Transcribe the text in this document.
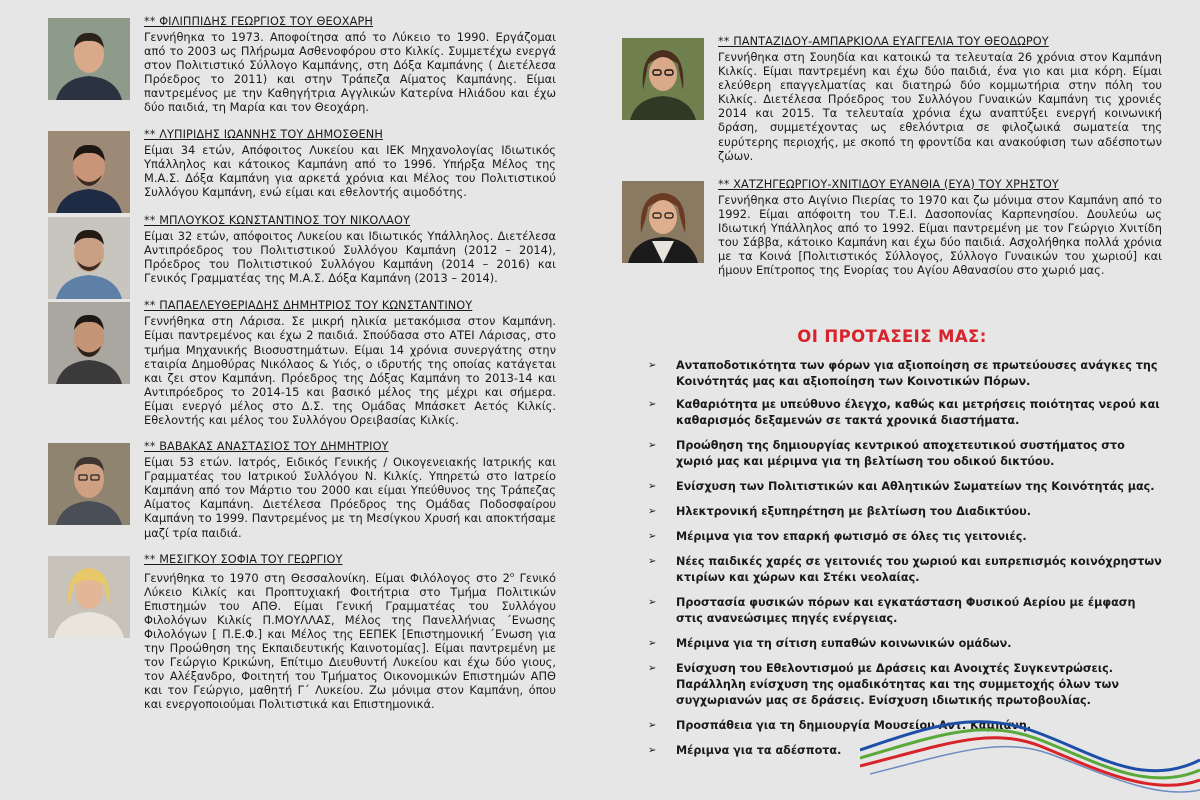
** ΦΙΛΙΠΠΙΔΗΣ ΓΕΩΡΓΙΟΣ ΤΟΥ ΘΕΟΧΑΡΗ

Γεννήθηκα το 1973. Αποφοίτησα από το Λύκειο το 1990. Εργάζομαι από το 2003 ως Πλήρωμα Ασθενοφόρου στο Κιλκίς. Συμμετέχω ενεργά στον Πολιτιστικό Σύλλογο Καμπάνης, στη Δόξα Καμπάνης ( Διετέλεσα Πρόεδρος το 2011) και στην Τράπεζα Αίματος Καμπάνης. Είμαι παντρεμένος με την Καθηγήτρια Αγγλικών Κατερίνα Ηλιάδου και έχω δύο παιδιά, τη Μαρία και τον Θεοχάρη.

** ΛΥΠΙΡΙΔΗΣ ΙΩΑΝΝΗΣ ΤΟΥ ΔΗΜΟΣΘΕΝΗ

Είμαι 34 ετών, Απόφοιτος Λυκείου και ΙΕΚ Μηχανολογίας Ιδιωτικός Υπάλληλος και κάτοικος Καμπάνη από το 1996. Υπήρξα Μέλος της Μ.Α.Σ. Δόξα Καμπάνη για αρκετά χρόνια και Μέλος του Πολιτιστικού Συλλόγου Καμπάνη, ενώ είμαι και εθελοντής αιμοδότης.

** ΜΠΛΟΥΚΟΣ ΚΩΝΣΤΑΝΤΙΝΟΣ ΤΟΥ ΝΙΚΟΛΑΟΥ

Είμαι 32 ετών, απόφοιτος Λυκείου και Ιδιωτικός Υπάλληλος. Διετέλεσα Αντιπρόεδρος του Πολιτιστικού Συλλόγου Καμπάνη (2012 – 2014), Πρόεδρος του Πολιτιστικού Συλλόγου Καμπάνη (2014 – 2016) και Γενικός Γραμματέας της Μ.Α.Σ. Δόξα Καμπάνη (2013 – 2014).

** ΠΑΠΑΕΛΕΥΘΕΡΙΑΔΗΣ ΔΗΜΗΤΡΙΟΣ ΤΟΥ ΚΩΝΣΤΑΝΤΙΝΟΥ

Γεννήθηκα στη Λάρισα. Σε μικρή ηλικία μετακόμισα στον Καμπάνη. Είμαι παντρεμένος και έχω 2 παιδιά. Σπούδασα στο ΑΤΕΙ Λάρισας, στο τμήμα Μηχανικής Βιοσυστημάτων. Είμαι 14 χρόνια συνεργάτης στην εταιρία Δημοθύρας Νικόλαος & Υιός, ο ιδρυτής της οποίας κατάγεται και ζει στον Καμπάνη. Πρόεδρος της Δόξας Καμπάνη το 2013-14 και Αντιπρόεδρος το 2014-15 και βασικό μέλος της μέχρι και σήμερα. Είμαι ενεργό μέλος στο Δ.Σ. της Ομάδας Μπάσκετ Αετός Κιλκίς. Εθελοντής και μέλος του Συλλόγου Ορειβασίας Κιλκίς.

** ΒΑΒΑΚΑΣ ΑΝΑΣΤΑΣΙΟΣ ΤΟΥ ΔΗΜΗΤΡΙΟΥ

Είμαι 53 ετών. Ιατρός, Ειδικός Γενικής / Οικογενειακής Ιατρικής και Γραμματέας του Ιατρικού Συλλόγου Ν. Κιλκίς. Υπηρετώ στο Ιατρείο Καμπάνη από τον Μάρτιο του 2000 και είμαι Υπεύθυνος της Τράπεζας Αίματος Καμπάνη. Διετέλεσα Πρόεδρος της Ομάδας Ποδοσφαίρου Καμπάνη το 1999. Παντρεμένος με τη Μεσίγκου Χρυσή και αποκτήσαμε μαζί τρία παιδιά.

** ΜΕΣΙΓΚΟΥ ΣΟΦΙΑ ΤΟΥ ΓΕΩΡΓΙΟΥ

Γεννήθηκα το 1970 στη Θεσσαλονίκη. Είμαι Φιλόλογος στο $2^o$ Γενικό Λύκειο Κιλκίς και Προπτυχιακή Φοιτήτρια στο Τμήμα Πολιτικών Επιστημών του ΑΠΘ. Είμαι Γενική Γραμματέας του Συλλόγου Φιλολόγων Κιλκίς Π.ΜΟΥΛΛΑΣ, Μέλος της Πανελλήνιας ΄Ενωσης Φιλολόγων [ Π.Ε.Φ.] και Μέλος της ΕΕΠΕΚ [Επιστημονική ΄Ενωση για την Προώθηση της Εκπαιδευτικής Καινοτομίας]. Είμαι παντρεμένη με τον Γεώργιο Κρικώνη, Επίτιμο Διευθυντή Λυκείου και έχω δύο γιους, τον Αλέξανδρο, Φοιτητή του Τμήματος Οικονομικών Επιστημών ΑΠΘ και τον Γεώργιο, μαθητή Γ΄ Λυκείου. Ζω μόνιμα στον Καμπάνη, όπου και ενεργοποιούμαι Πολιτιστικά και Επιστημονικά.

** ΠΑΝΤΑΖΙΔΟΥ-ΑΜΠΑΡΚΙΟΛΑ ΕΥΑΓΓΕΛΙΑ ΤΟΥ ΘΕΟΔΩΡΟΥ

Γεννήθηκα στη Σουηδία και κατοικώ τα τελευταία 26 χρόνια στον Καμπάνη Κιλκίς. Είμαι παντρεμένη και έχω δύο παιδιά, ένα γιο και μια κόρη. Είμαι ελεύθερη επαγγελματίας και διατηρώ δύο κομμωτήρια στην πόλη του Κιλκίς. Διετέλεσα Πρόεδρος του Συλλόγου Γυναικών Καμπάνη τις χρονιές 2014 και 2015. Τα τελευταία χρόνια έχω αναπτύξει ενεργή κοινωνική δράση, συμμετέχοντας ως εθελόντρια σε φιλοζωικά σωματεία της ευρύτερης περιοχής, με σκοπό τη φροντίδα και ανακούφιση των αδέσποτων ζώων.

** ΧΑΤΖΗΓΕΩΡΓΙΟΥ-ΧΝΙΤΙΔΟΥ ΕΥΑΝΘΙΑ (ΕΥΑ) ΤΟΥ ΧΡΗΣΤΟΥ

Γεννήθηκα στο Αιγίνιο Πιερίας το 1970 και ζω μόνιμα στον Καμπάνη από το 1992. Είμαι απόφοιτη του Τ.Ε.Ι. Δασοπονίας Καρπενησίου. Δουλεύω ως Ιδιωτική Υπάλληλος από το 1992. Είμαι παντρεμένη με τον Γεώργιο Χνιτίδη του Σάββα, κάτοικο Καμπάνη και έχω δύο παιδιά. Ασχολήθηκα πολλά χρόνια με τα Κοινά [Πολιτιστικός Σύλλογος, Σύλλογο Γυναικών του χωριού] και ήμουν Επίτροπος της Ενορίας του Αγίου Αθανασίου στο χωριό μας.

ΟΙ ΠΡΟΤΑΣΕΙΣ ΜΑΣ:
➢ Ανταποδοτικότητα των φόρων για αξιοποίηση σε πρωτεύουσες ανάγκες της Κοινότητάς μας και αξιοποίηση των Κοινοτικών Πόρων.
➢ Καθαριότητα με υπεύθυνο έλεγχο, καθώς και μετρήσεις ποιότητας νερού και καθαρισμός δεξαμενών σε τακτά χρονικά διαστήματα.
➢ Προώθηση της δημιουργίας κεντρικού αποχετευτικού συστήματος στο χωριό μας και μέριμνα για τη βελτίωση του οδικού δικτύου.
➢ Ενίσχυση των Πολιτιστικών και Αθλητικών Σωματείων της Κοινότητάς μας.
➢ Ηλεκτρονική εξυπηρέτηση με βελτίωση του Διαδικτύου.
➢ Μέριμνα για τον επαρκή φωτισμό σε όλες τις γειτονιές.
➢ Νέες παιδικές χαρές σε γειτονιές του χωριού και ευπρεπισμός κοινόχρηστων κτιρίων και χώρων και Στέκι νεολαίας.
➢ Προστασία φυσικών πόρων και εγκατάσταση Φυσικού Αερίου με έμφαση στις ανανεώσιμες πηγές ενέργειας.
➢ Μέριμνα για τη σίτιση ευπαθών κοινωνικών ομάδων.
➢ Ενίσχυση του Εθελοντισμού με Δράσεις και Ανοιχτές Συγκεντρώσεις. Παράλληλη ενίσχυση της ομαδικότητας και της συμμετοχής όλων των συγχωριανών μας σε δράσεις. Ενίσχυση ιδιωτικής πρωτοβουλίας.
➢ Προσπάθεια για τη δημιουργία Μουσείου Αντ. Καμπάνη.
➢ Μέριμνα για τα αδέσποτα.
